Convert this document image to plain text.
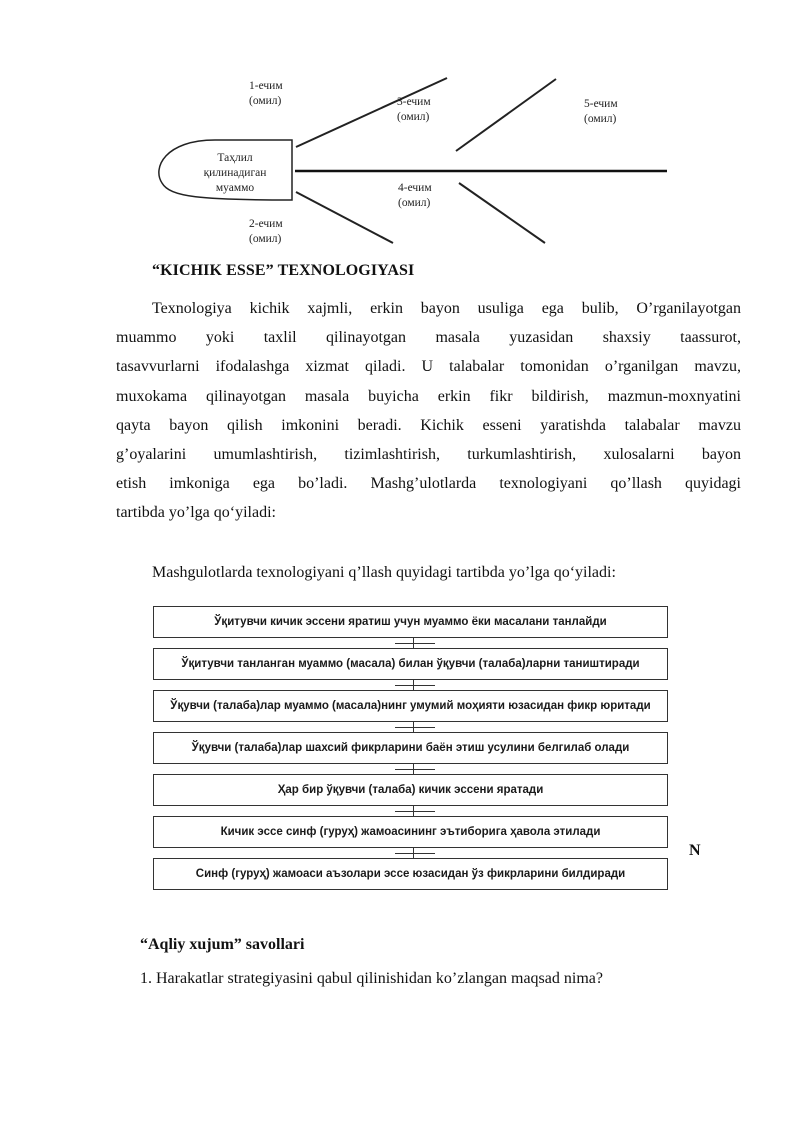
Таҳлил
қилинадиган
муаммо
1-ечим
(омил)
2-ечим
(омил)
3-ечим
(омил)
4-ечим
(омил)
5-ечим
(омил)
“KICHIK ESSE” TEXNOLOGIYASI

Texnologiya kichik xajmli, erkin bayon usuliga ega bulib, O’rganilayotgan

muammo yoki taxlil qilinayotgan masala yuzasidan shaxsiy taassurot,

tasavvurlarni ifodalashga xizmat qiladi. U talabalar tomonidan o’rganilgan mavzu,

muxokama qilinayotgan masala buyicha erkin fikr bildirish, mazmun-moxnyatini

qayta bayon qilish imkonini beradi. Kichik esseni yaratishda talabalar mavzu

g’oyalarini umumlashtirish, tizimlashtirish, turkumlashtirish, xulosalarni bayon

etish imkoniga ega bo’ladi. Mashg’ulotlarda texnologiyani qo’llash quyidagi

tartibda yo’lga qo‘yiladi:

Mashgulotlarda texnologiyani q’llash quyidagi tartibda yo’lga qo‘yiladi:
Ўқитувчи кичик эссени яратиш учун муаммо ёки масалани танлайди
Ўқитувчи танланган муаммо (масала) билан ўқувчи (талаба)ларни таништиради
Ўқувчи (талаба)лар муаммо (масала)нинг умумий моҳияти юзасидан фикр юритади
Ўқувчи (талаба)лар шахсий фикрларини баён этиш усулини белгилаб олади
Ҳар бир ўқувчи (талаба) кичик эссени яратади
Кичик эссе синф (гуруҳ) жамоасининг эътиборига ҳавола этилади
Синф (гуруҳ) жамоаси аъзолари эссе юзасидан ўз фикрларини билдиради
N
“Aqliy xujum” savollari
1. Harakatlar strategiyasini qabul qilinishidan ko’zlangan maqsad nima?
